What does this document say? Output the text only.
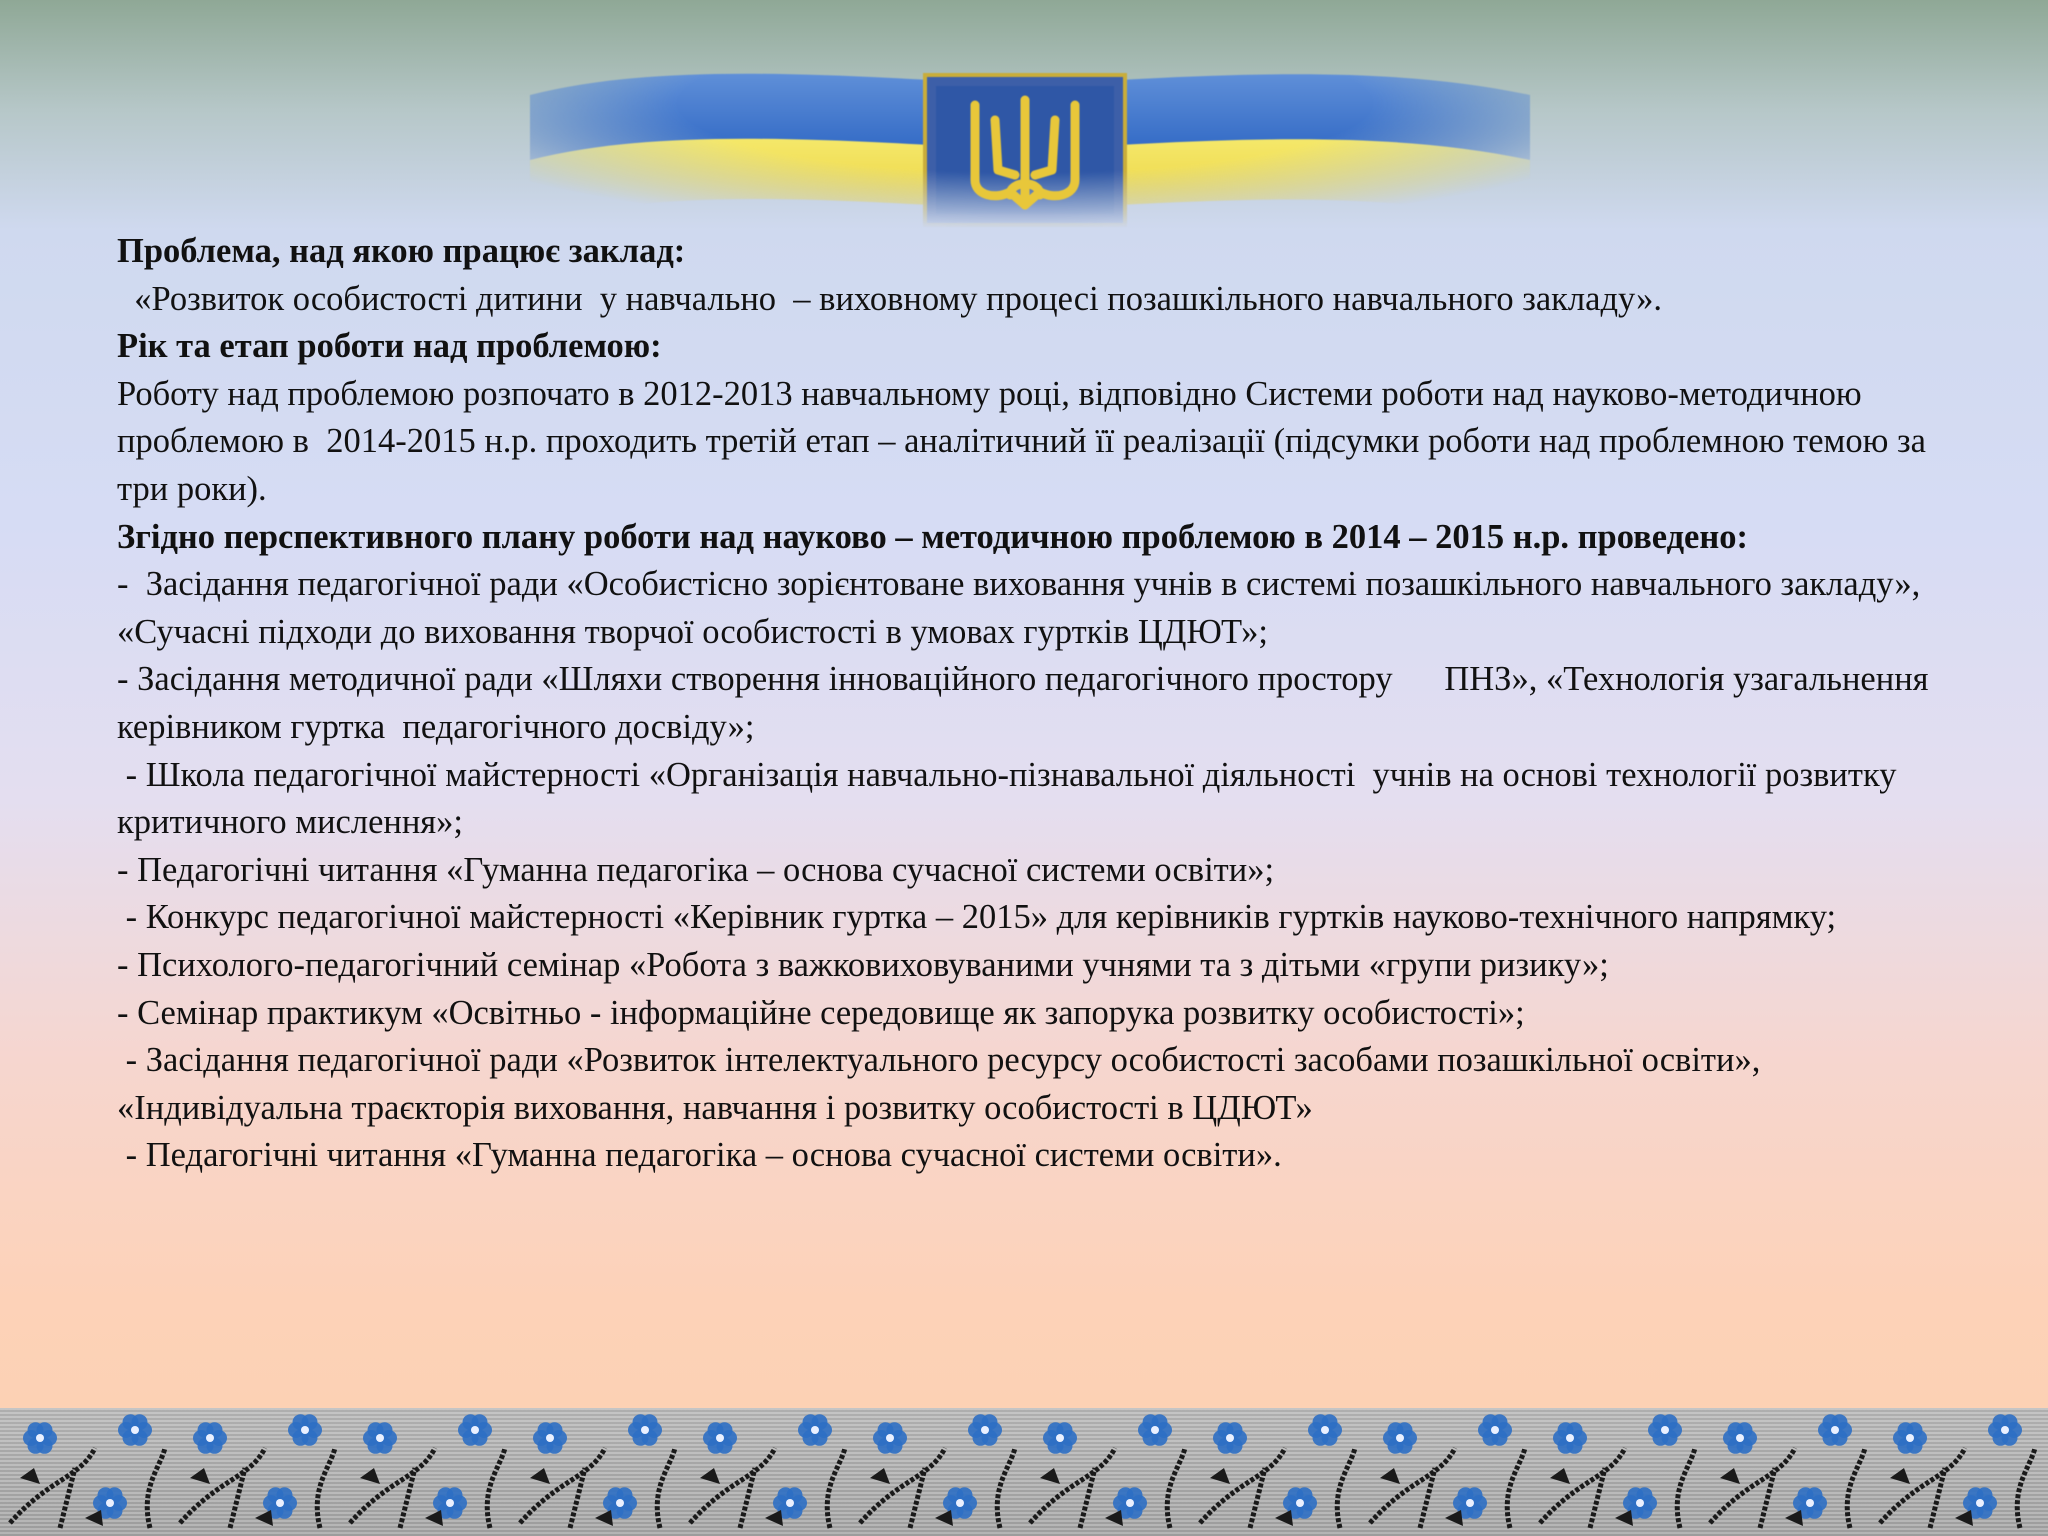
Проблема, над якою працює заклад:

«Розвиток особистості дитини  у навчально  – виховному процесі позашкільного навчального закладу».

Рік та етап роботи над проблемою:

Роботу над проблемою розпочато в 2012-2013 навчальному році, відповідно Системи роботи над науково-методичною проблемою в  2014-2015 н.р. проходить третій етап – аналітичний її реалізації (підсумки роботи над проблемною темою за три роки).

Згідно перспективного плану роботи над науково – методичною проблемою в 2014 – 2015 н.р. проведено:

-  Засідання педагогічної ради «Особистісно зорієнтоване виховання учнів в системі позашкільного навчального закладу», «Сучасні підходи до виховання творчої особистості в умовах гуртків ЦДЮТ»;

- Засідання методичної ради «Шляхи створення інноваційного педагогічного простору      ПНЗ», «Технологія узагальнення керівником гуртка  педагогічного досвіду»;

- Школа педагогічної майстерності «Організація навчально-пізнавальної діяльності  учнів на основі технології розвитку  критичного мислення»;

- Педагогічні читання «Гуманна педагогіка – основа сучасної системи освіти»;

- Конкурс педагогічної майстерності «Керівник гуртка – 2015» для керівників гуртків науково-технічного напрямку;

- Психолого-педагогічний семінар «Робота з важковиховуваними учнями та з дітьми «групи ризику»;

- Семінар практикум «Освітньо - інформаційне середовище як запорука розвитку особистості»;

- Засідання педагогічної ради «Розвиток інтелектуального ресурсу особистості засобами позашкільної освіти», «Індивідуальна траєкторія виховання, навчання і розвитку особистості в ЦДЮТ»

- Педагогічні читання «Гуманна педагогіка – основа сучасної системи освіти».
